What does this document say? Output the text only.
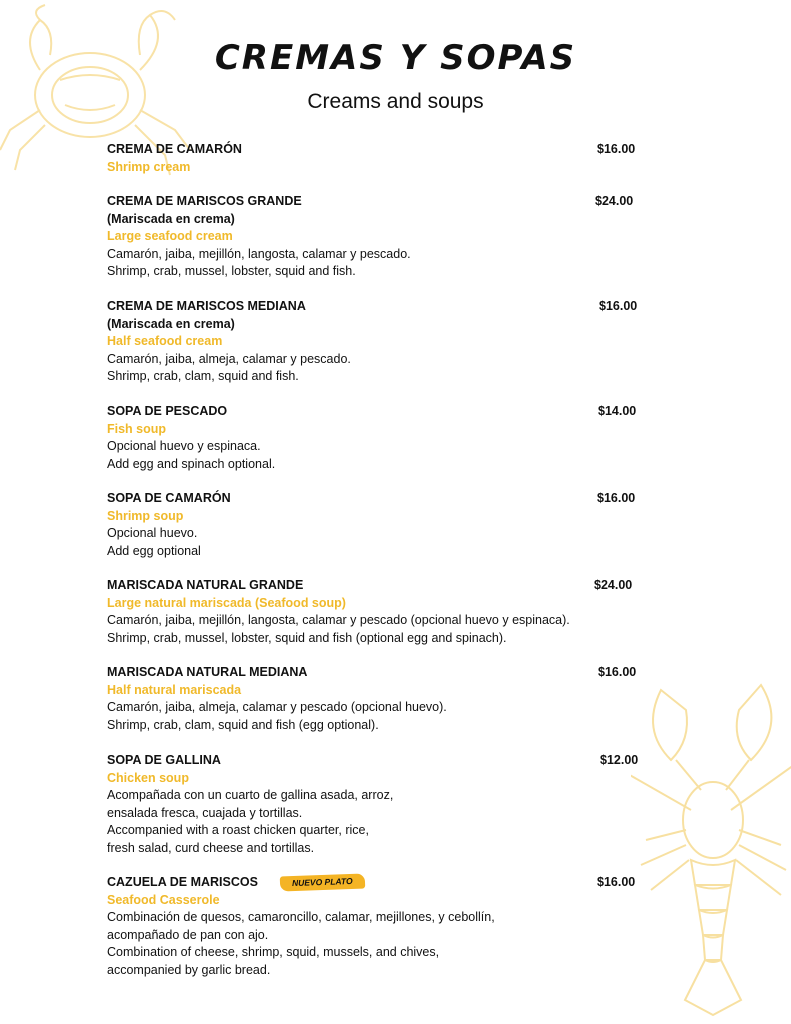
CREMAS Y SOPAS
Creams and soups
CREMA DE CAMARÓN
Shrimp cream
$16.00
CREMA DE MARISCOS GRANDE
(Mariscada en crema)
Large seafood cream
Camarón, jaiba, mejillón, langosta, calamar y pescado.
Shrimp, crab, mussel, lobster, squid and fish.
$24.00
CREMA DE MARISCOS MEDIANA
(Mariscada en crema)
Half seafood cream
Camarón, jaiba, almeja, calamar y pescado.
Shrimp, crab, clam, squid and fish.
$16.00
SOPA DE PESCADO
Fish soup
Opcional huevo y espinaca.
Add egg and spinach optional.
$14.00
SOPA DE CAMARÓN
Shrimp soup
Opcional huevo.
Add egg optional
$16.00
MARISCADA NATURAL GRANDE
Large natural mariscada (Seafood soup)
Camarón, jaiba, mejillón, langosta, calamar y pescado (opcional huevo y espinaca).
Shrimp, crab, mussel, lobster, squid and fish (optional egg and spinach).
$24.00
MARISCADA NATURAL MEDIANA
Half natural mariscada
Camarón, jaiba, almeja, calamar y pescado (opcional huevo).
Shrimp, crab, clam, squid and fish (egg optional).
$16.00
SOPA DE GALLINA
Chicken soup
Acompañada con un cuarto de gallina asada, arroz,
ensalada fresca, cuajada y tortillas.
Accompanied with a roast chicken quarter, rice,
fresh salad, curd cheese and tortillas.
$12.00
CAZUELA DE MARISCOS	NUEVO PLATO
Seafood Casserole
Combinación de quesos, camaroncillo, calamar, mejillones, y cebollín,
acompañado de pan con ajo.
Combination of cheese, shrimp, squid, mussels, and chives,
accompanied by garlic bread.
$16.00
